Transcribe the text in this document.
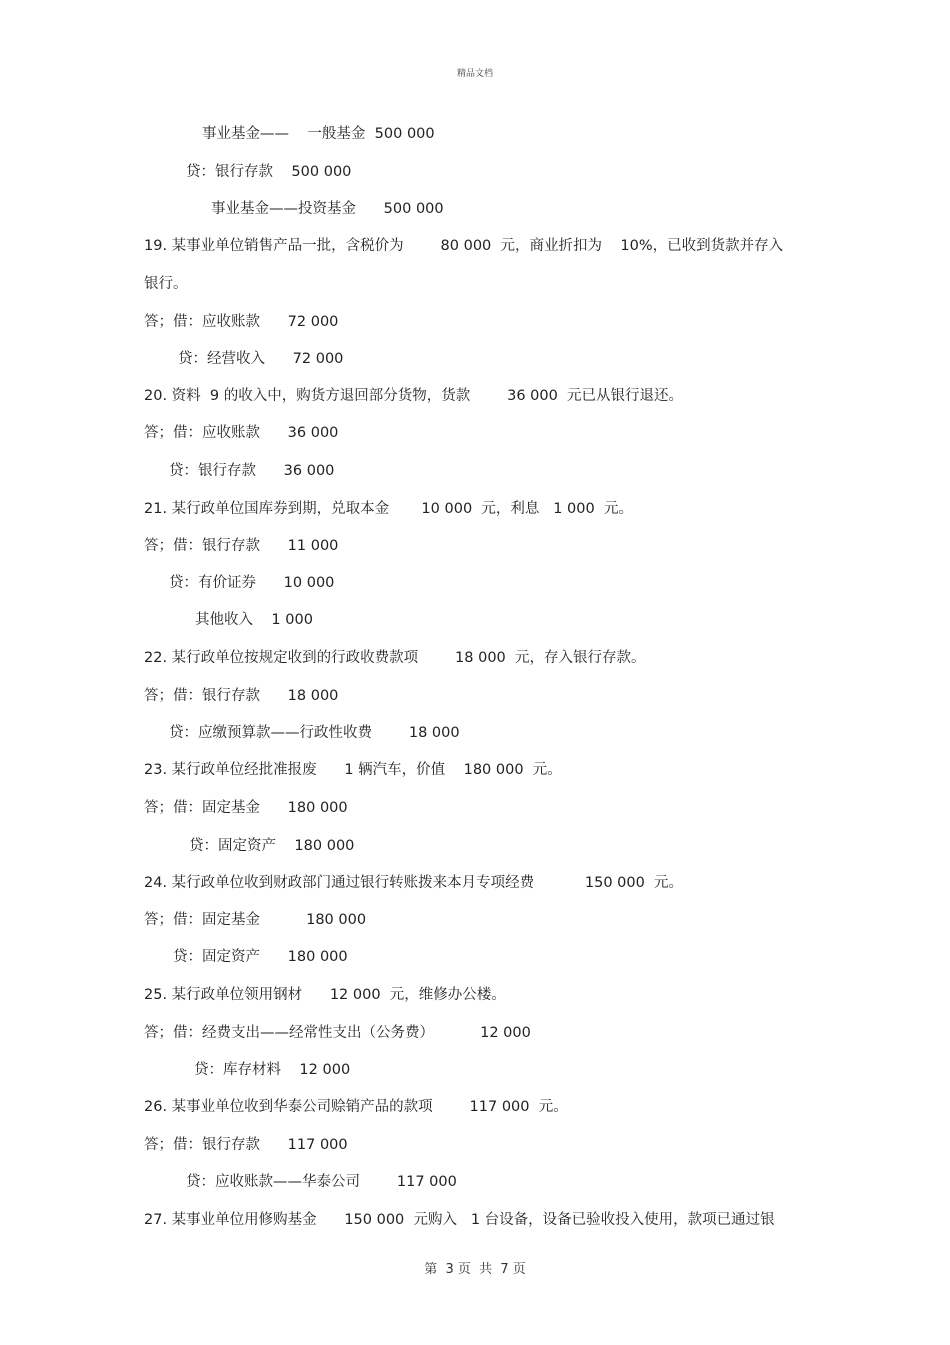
精品文档
事业基金——    一般基金  500 000
贷：银行存款    500 000
事业基金——投资基金      500 000
19. 某事业单位销售产品一批，含税价为        80 000  元，商业折扣为    10%，已收到货款并存入
银行。
答；借：应收账款      72 000
贷：经营收入      72 000
20. 资料  9 的收入中，购货方退回部分货物，货款        36 000  元已从银行退还。
答；借：应收账款      36 000
贷：银行存款      36 000
21. 某行政单位国库券到期，兑取本金       10 000  元，利息   1 000  元。
答；借：银行存款      11 000
贷：有价证券      10 000
其他收入    1 000
22. 某行政单位按规定收到的行政收费款项        18 000  元，存入银行存款。
答；借：银行存款      18 000
贷：应缴预算款——行政性收费        18 000
23. 某行政单位经批准报废      1 辆汽车，价值    180 000  元。
答；借：固定基金      180 000
贷：固定资产    180 000
24. 某行政单位收到财政部门通过银行转账拨来本月专项经费           150 000  元。
答；借：固定基金          180 000
贷：固定资产      180 000
25. 某行政单位领用钢材      12 000  元，维修办公楼。
答；借：经费支出——经常性支出（公务费）          12 000
贷：库存材料    12 000
26. 某事业单位收到华泰公司赊销产品的款项        117 000  元。
答；借：银行存款      117 000
贷：应收账款——华泰公司        117 000
27. 某事业单位用修购基金      150 000  元购入   1 台设备，设备已验收投入使用，款项已通过银
第  3 页  共  7 页
